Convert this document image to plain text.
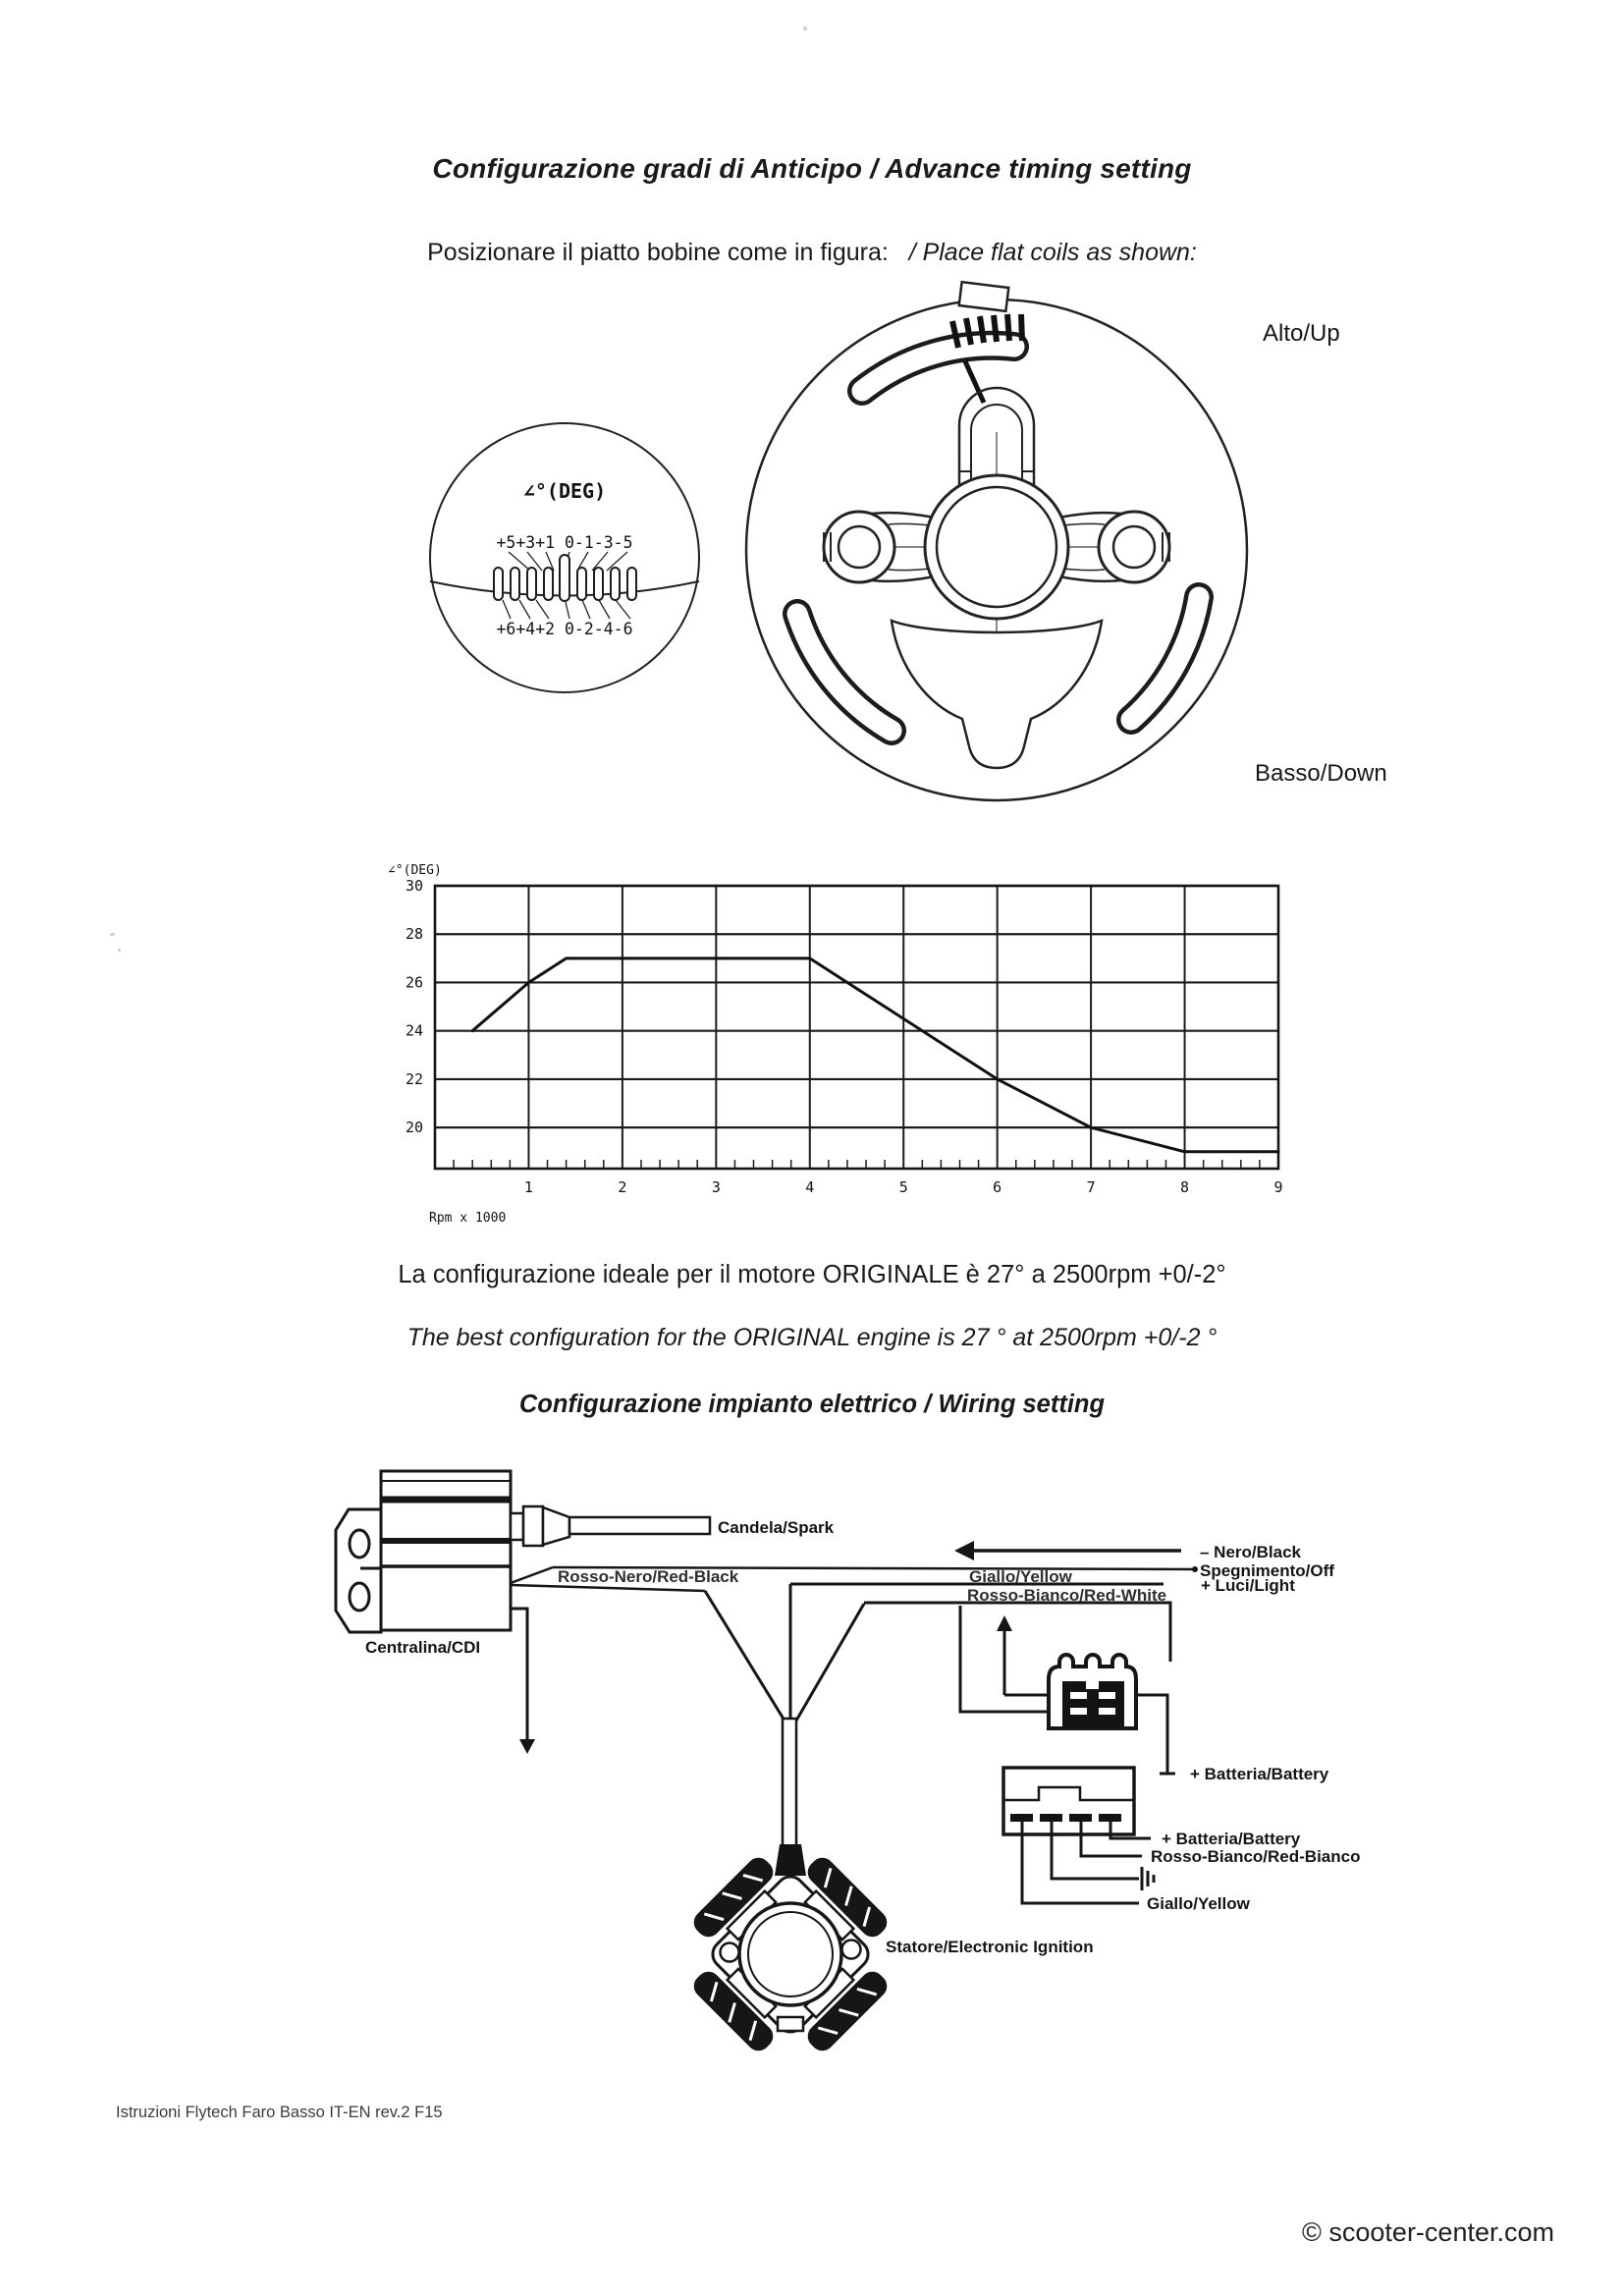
Configurazione gradi di Anticipo / Advance timing setting
Posizionare il piatto bobine come in figura: / Place flat coils as shown:
∠°(DEG)
+5+3+1 0-1-3-5
+6+4+2 0-2-4-6
Alto/Up
Basso/Down
30
28
26
24
22
20
1	2	3	4	5	6	7	8	9
∠°(DEG)
Rpm x 1000
La configurazione ideale per il motore ORIGINALE è 27° a 2500rpm +0/-2°
The best configuration for the ORIGINAL engine is 27 ° at 2500rpm +0/-2 °
Configurazione impianto elettrico / Wiring setting
Candela/Spark
Rosso-Nero/Red-Black
– Nero/Black
Spegnimento/Off
Giallo/Yellow	+ Luci/Light
Rosso-Bianco/Red-White
+ Batteria/Battery
+ Batteria/Battery
Rosso-Bianco/Red-Bianco
Giallo/Yellow
Statore/Electronic Ignition
Centralina/CDI
Istruzioni Flytech Faro Basso IT-EN rev.2 F15
© scooter-center.com
